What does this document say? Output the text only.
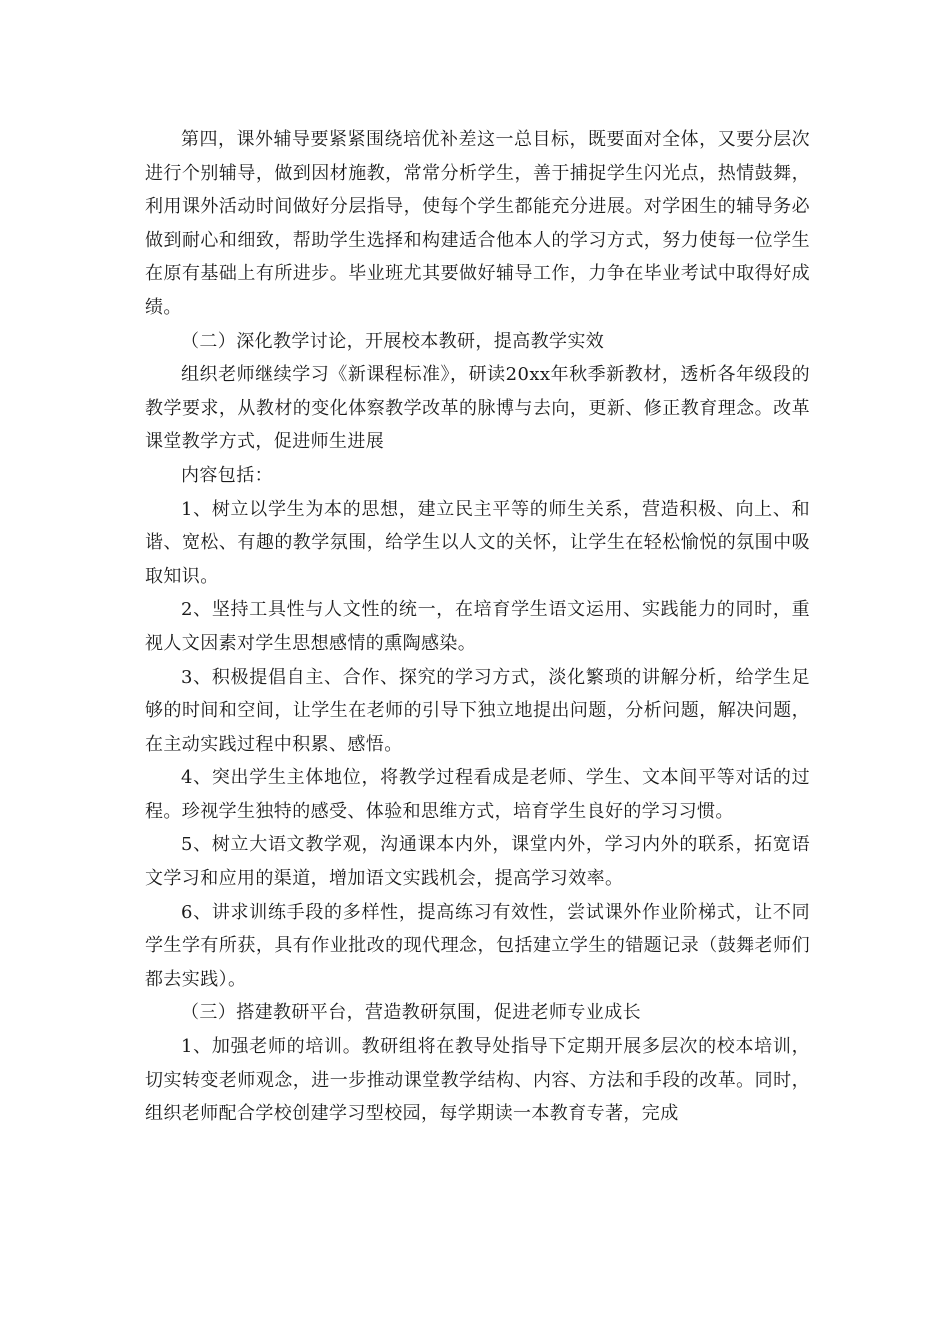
第四，课外辅导要紧紧围绕培优补差这一总目标，既要面对全体，又要分层次进行个别辅导，做到因材施教，常常分析学生，善于捕捉学生闪光点，热情鼓舞，利用课外活动时间做好分层指导，使每个学生都能充分进展。对学困生的辅导务必做到耐心和细致，帮助学生选择和构建适合他本人的学习方式，努力使每一位学生在原有基础上有所进步。毕业班尤其要做好辅导工作，力争在毕业考试中取得好成绩。

（二）深化教学讨论，开展校本教研，提高教学实效

组织老师继续学习《新课程标准》，研读20xx年秋季新教材，透析各年级段的教学要求，从教材的变化体察教学改革的脉博与去向，更新、修正教育理念。改革课堂教学方式，促进师生进展

内容包括：

1、树立以学生为本的思想，建立民主平等的师生关系，营造积极、向上、和谐、宽松、有趣的教学氛围，给学生以人文的关怀，让学生在轻松愉悦的氛围中吸取知识。

2、坚持工具性与人文性的统一，在培育学生语文运用、实践能力的同时，重视人文因素对学生思想感情的熏陶感染。

3、积极提倡自主、合作、探究的学习方式，淡化繁琐的讲解分析，给学生足够的时间和空间，让学生在老师的引导下独立地提出问题，分析问题，解决问题，在主动实践过程中积累、感悟。

4、突出学生主体地位，将教学过程看成是老师、学生、文本间平等对话的过程。珍视学生独特的感受、体验和思维方式，培育学生良好的学习习惯。

5、树立大语文教学观，沟通课本内外，课堂内外，学习内外的联系，拓宽语文学习和应用的渠道，增加语文实践机会，提高学习效率。

6、讲求训练手段的多样性，提高练习有效性，尝试课外作业阶梯式，让不同学生学有所获，具有作业批改的现代理念，包括建立学生的错题记录（鼓舞老师们都去实践）。

（三）搭建教研平台，营造教研氛围，促进老师专业成长

1、加强老师的培训。教研组将在教导处指导下定期开展多层次的校本培训，切实转变老师观念，进一步推动课堂教学结构、内容、方法和手段的改革。同时，组织老师配合学校创建学习型校园，每学期读一本教育专著，完成
